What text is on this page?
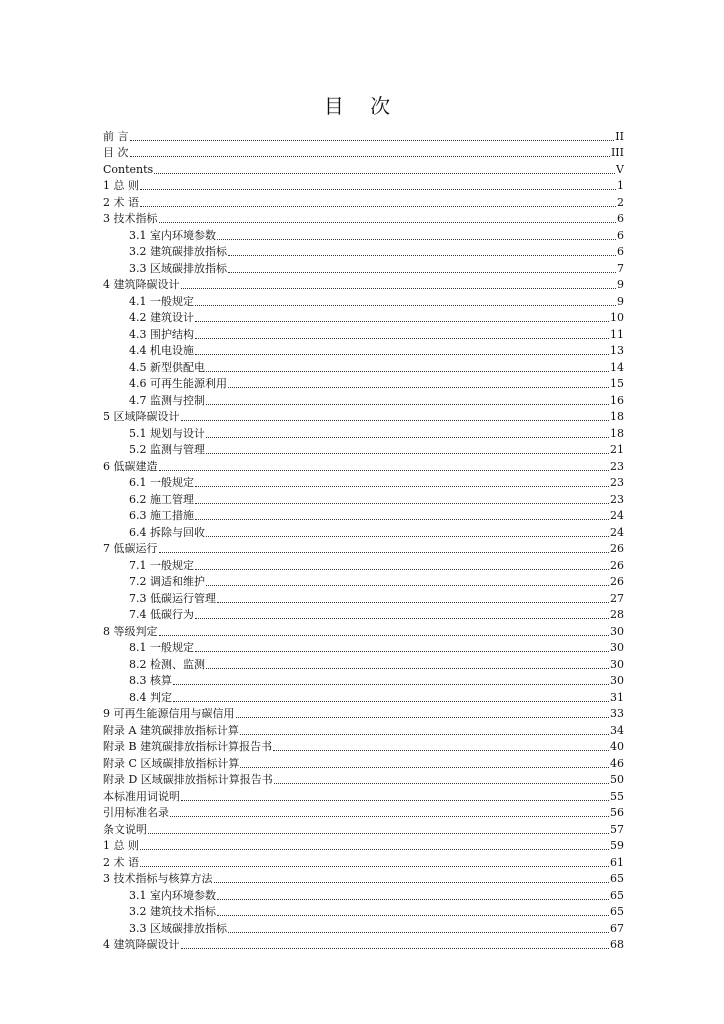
目 次
前 言	II
目 次	III
Contents	V
1 总 则	1
2 术 语	2
3 技术指标	6
3.1 室内环境参数	6
3.2 建筑碳排放指标	6
3.3 区域碳排放指标	7
4 建筑降碳设计	9
4.1 一般规定	9
4.2 建筑设计	10
4.3 围护结构	11
4.4 机电设施	13
4.5 新型供配电	14
4.6 可再生能源利用	15
4.7 监测与控制	16
5 区域降碳设计	18
5.1 规划与设计	18
5.2 监测与管理	21
6 低碳建造	23
6.1 一般规定	23
6.2 施工管理	23
6.3 施工措施	24
6.4 拆除与回收	24
7 低碳运行	26
7.1 一般规定	26
7.2 调适和维护	26
7.3 低碳运行管理	27
7.4 低碳行为	28
8 等级判定	30
8.1 一般规定	30
8.2 检测、监测	30
8.3 核算	30
8.4 判定	31
9 可再生能源信用与碳信用	33
附录 A 建筑碳排放指标计算	34
附录 B 建筑碳排放指标计算报告书	40
附录 C 区域碳排放指标计算	46
附录 D 区域碳排放指标计算报告书	50
本标准用词说明	55
引用标准名录	56
条文说明	57
1 总 则	59
2 术 语	61
3 技术指标与核算方法	65
3.1 室内环境参数	65
3.2 建筑技术指标	65
3.3 区域碳排放指标	67
4 建筑降碳设计	68
